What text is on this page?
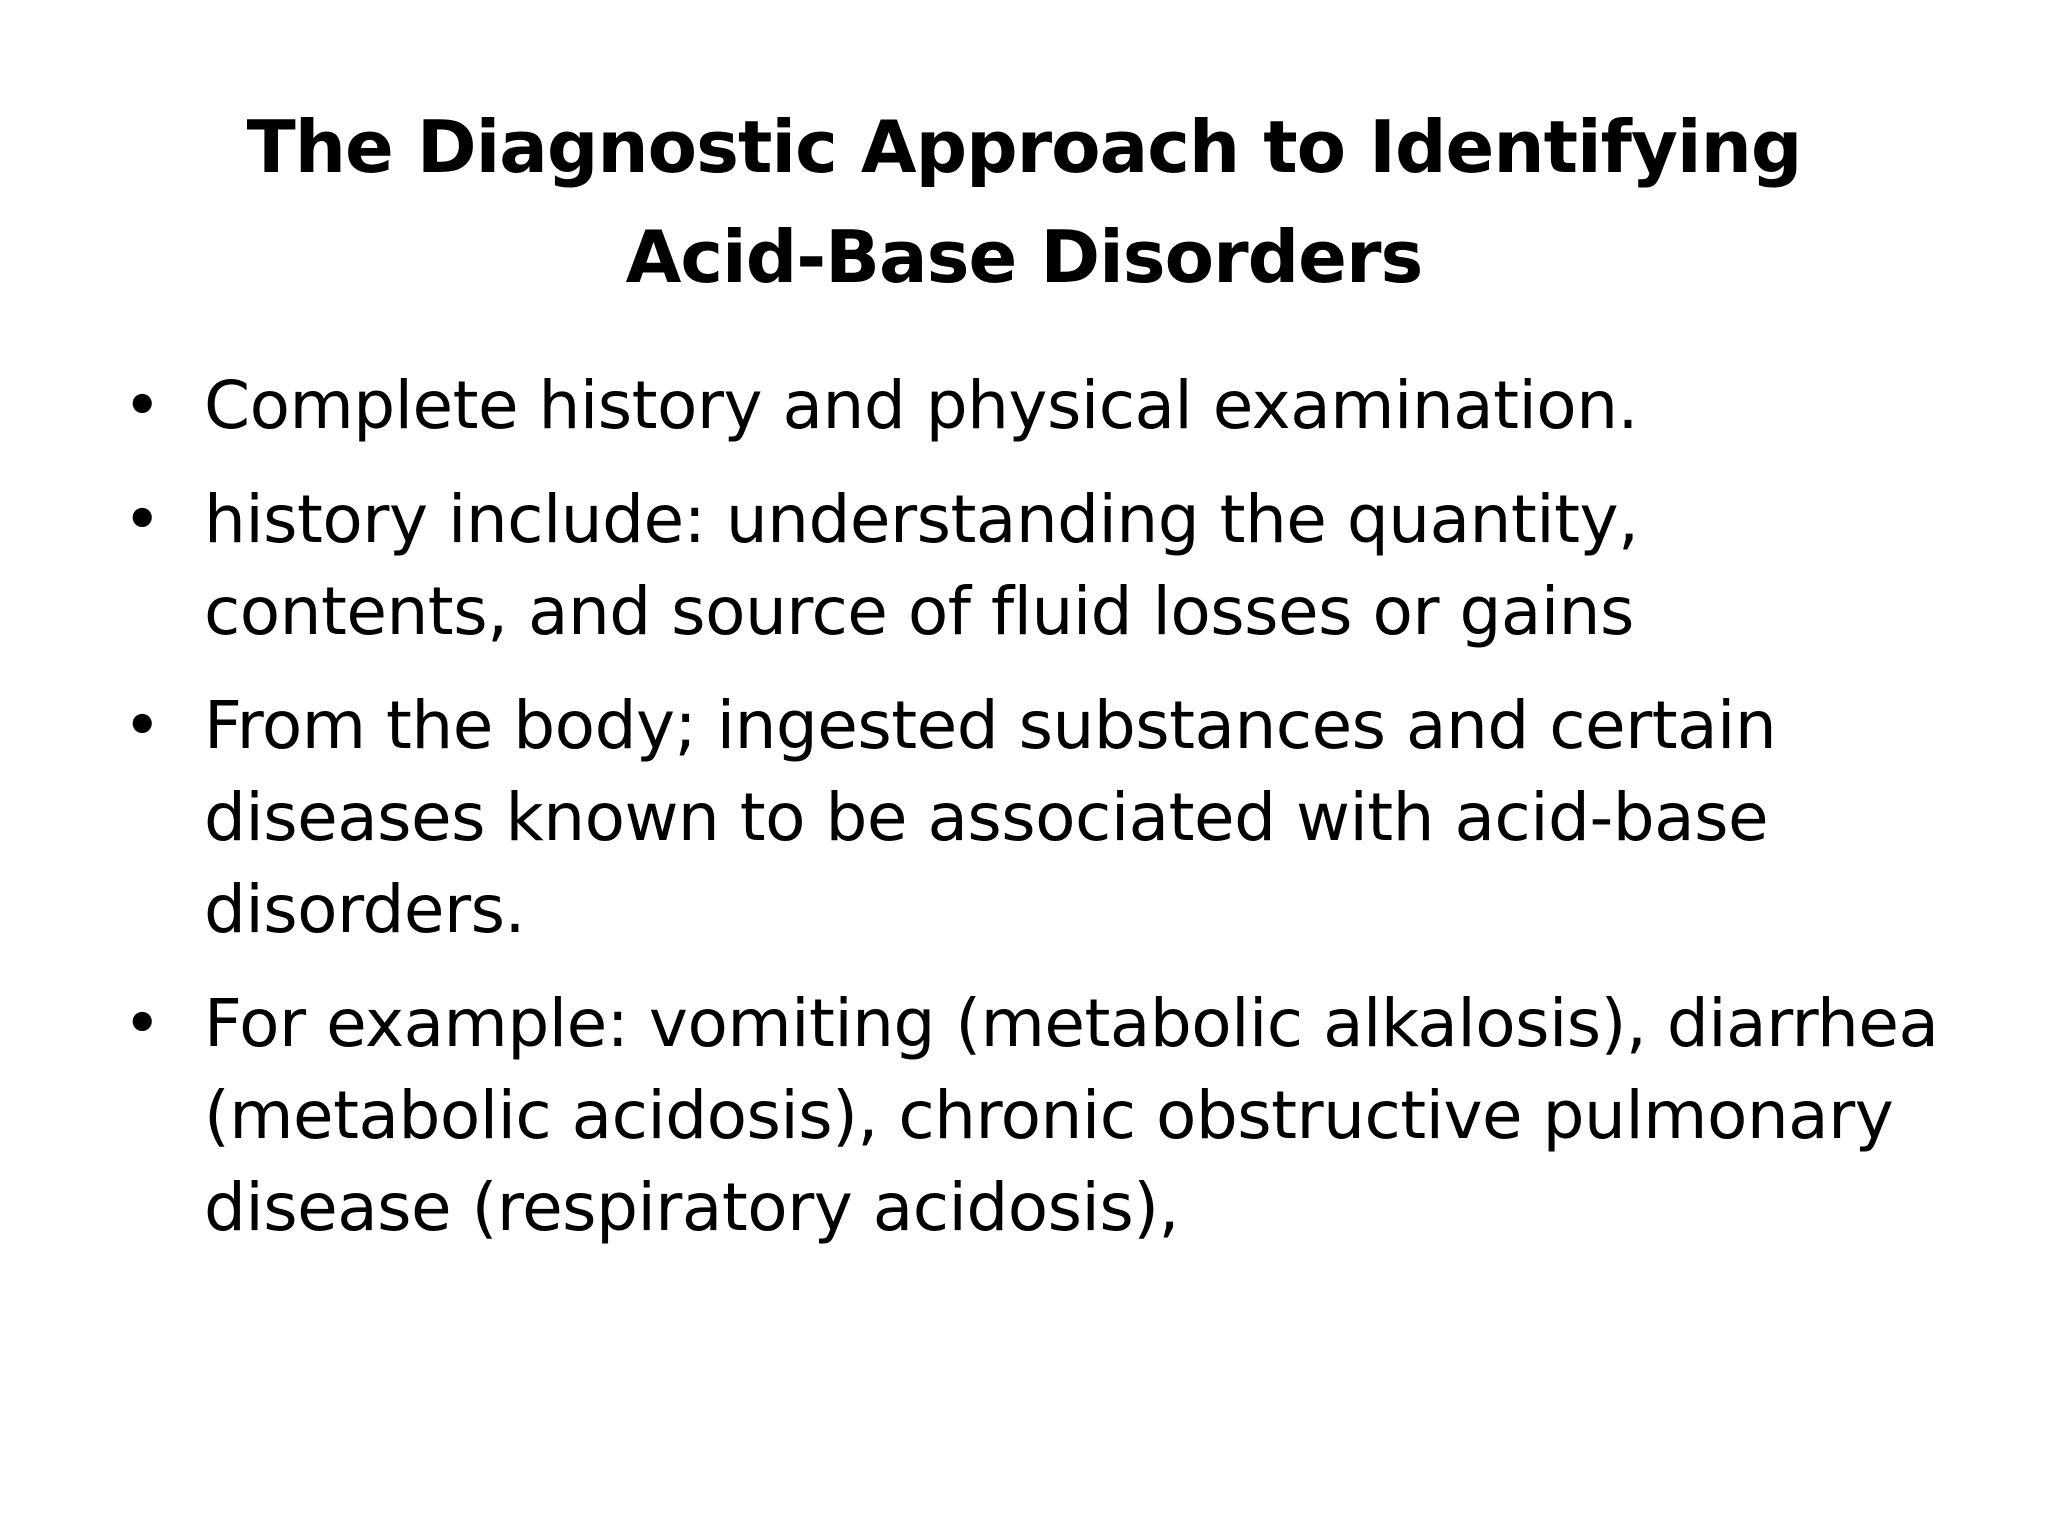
The Diagnostic Approach to Identifying Acid-Base Disorders
• Complete history and physical examination.
• history include: understanding the quantity, contents, and source of fluid losses or gains
• From the body; ingested substances and certain diseases known to be associated with acid-base disorders.
• For example: vomiting (metabolic alkalosis), diarrhea     (metabolic acidosis), chronic obstructive pulmonary disease (respiratory acidosis),
